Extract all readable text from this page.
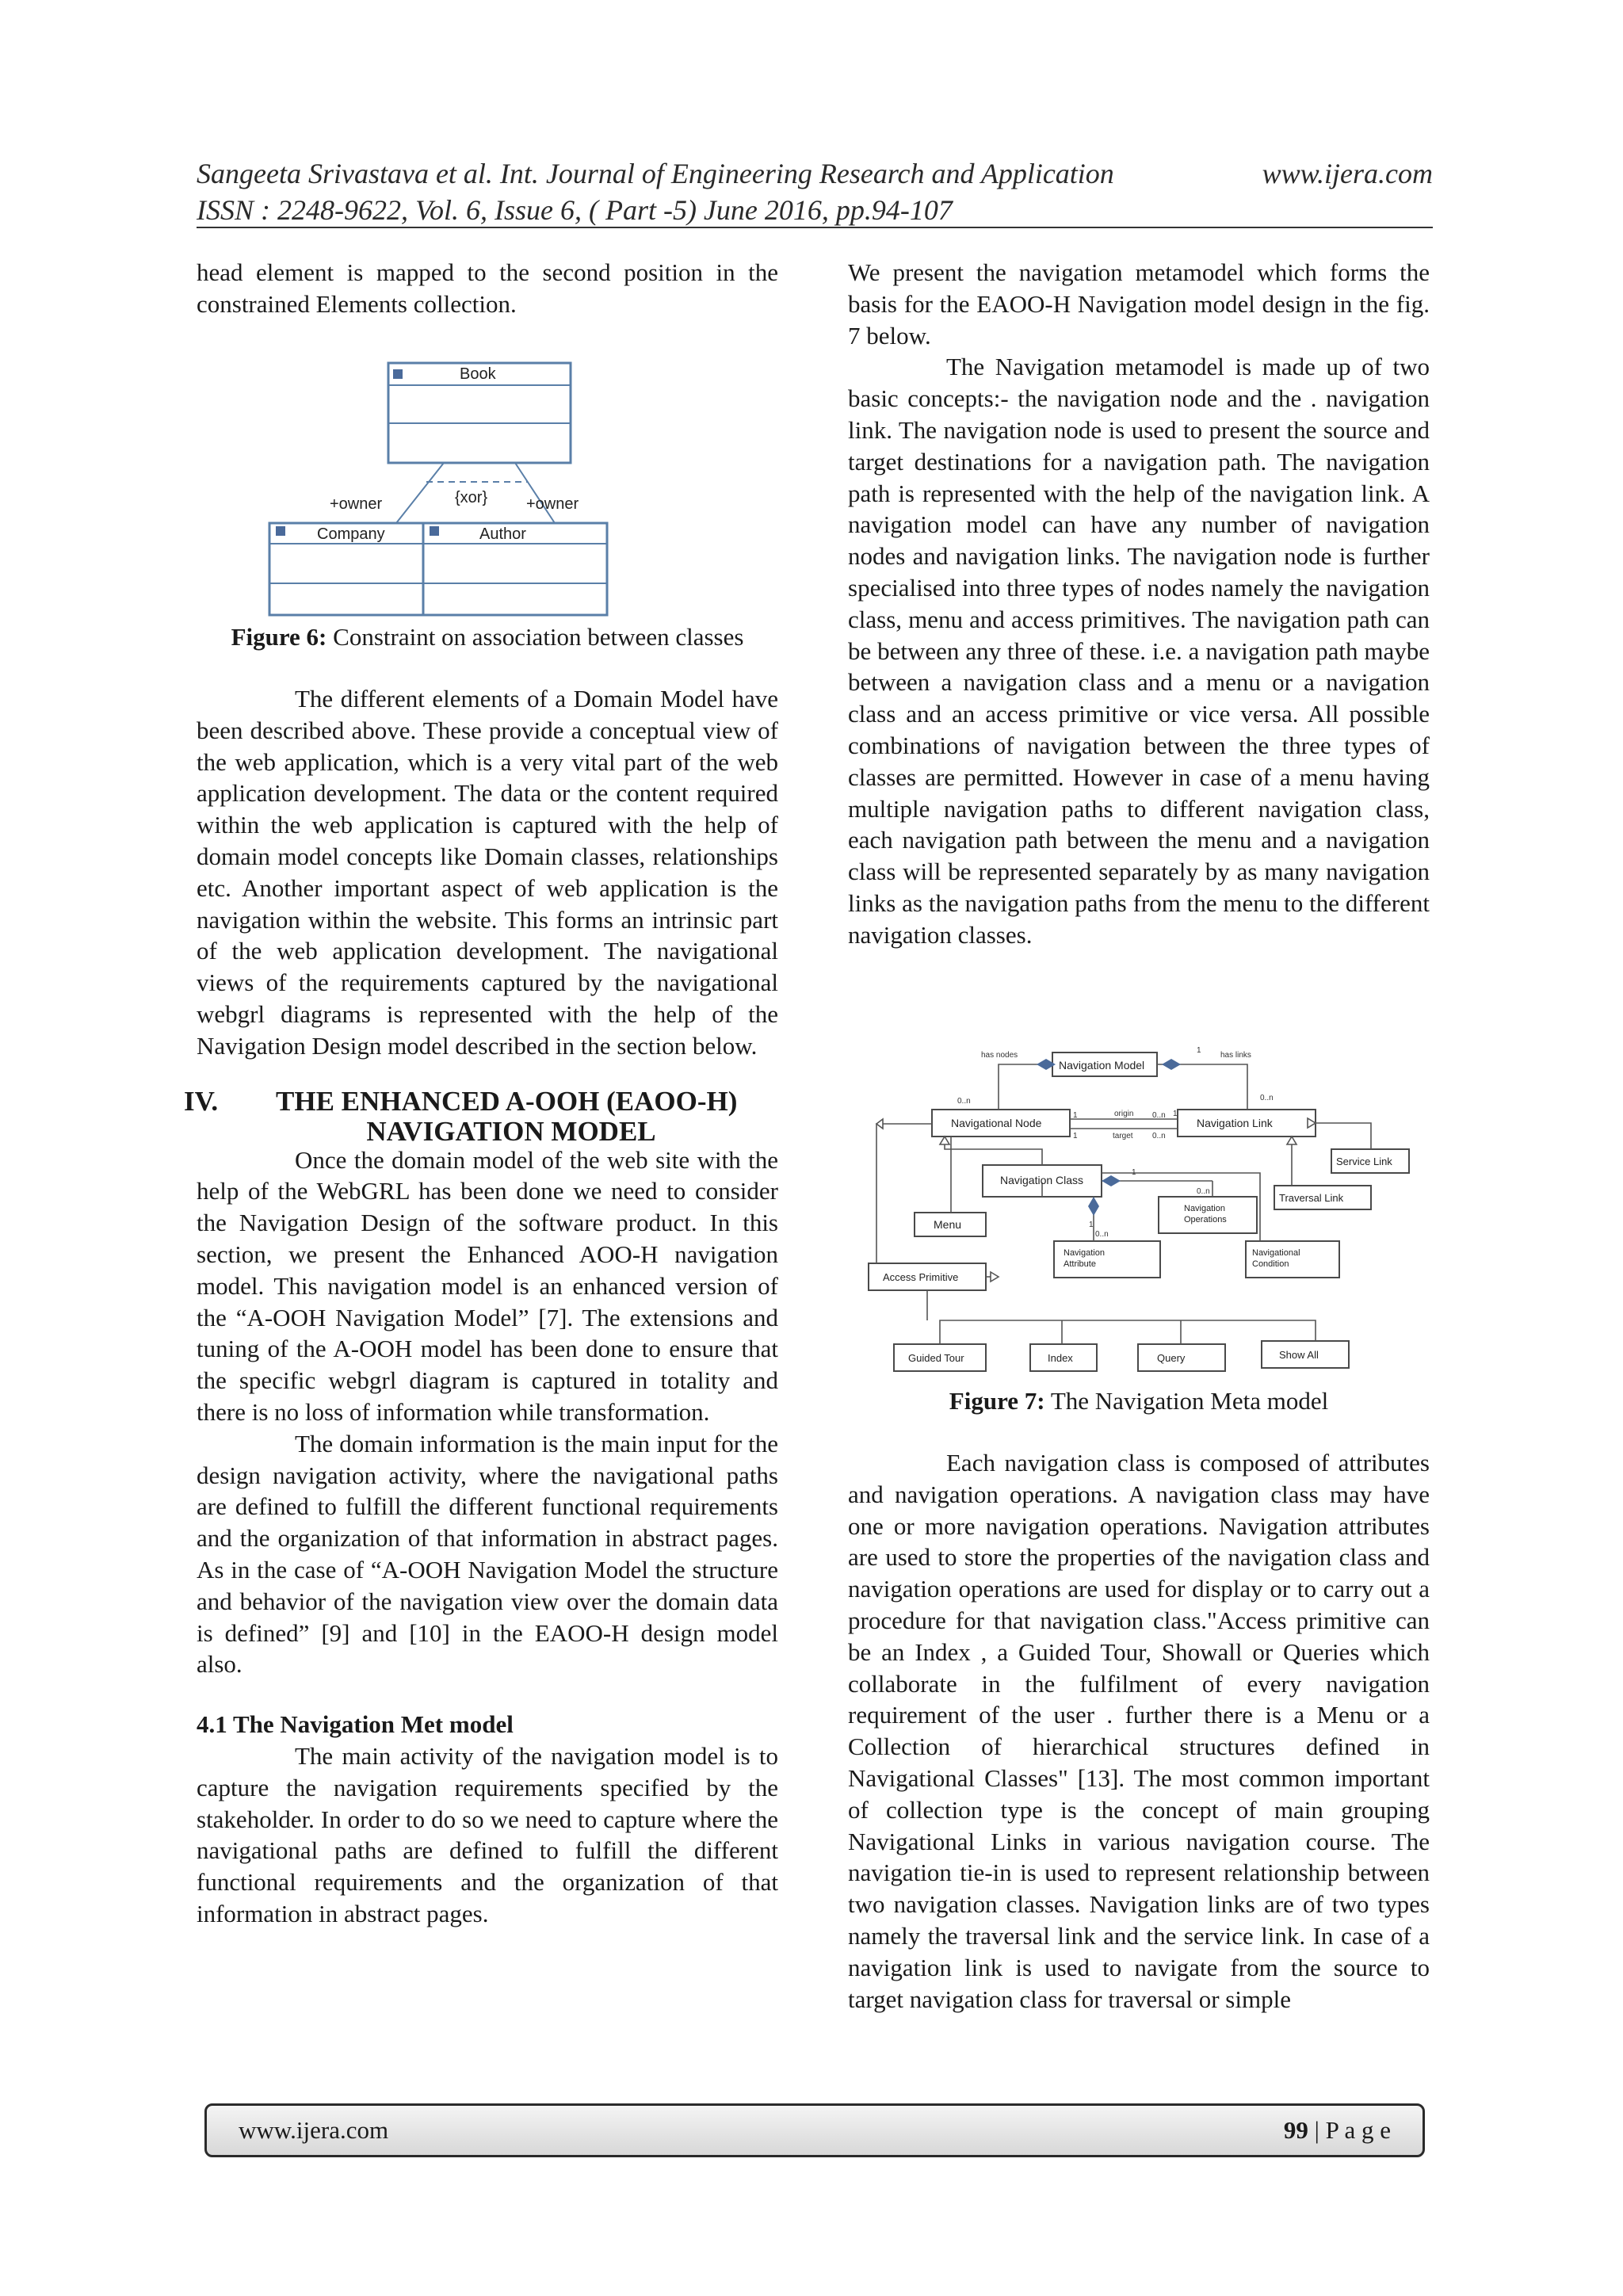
Sangeeta Srivastava et al. Int. Journal of Engineering Research and Application	www.ijera.com
ISSN : 2248-9622, Vol. 6, Issue 6, ( Part -5) June 2016, pp.94-107

head element is mapped to the second position in the constrained Elements collection.

Book
Company	Author
+owner	+owner
{xor}
Figure 6: Constraint on association between classes

The different elements of a Domain Model have been described above. These provide a conceptual view of the web application, which is a very vital part of the web application development. The data or the content required within the web application is captured with the help of domain model concepts like Domain classes, relationships etc. Another important aspect of web application is the navigation within the website. This forms an intrinsic part of the web application development. The navigational views of the requirements captured by the navigational webgrl diagrams is represented with the help of the Navigation Design model described in the section below.

IV. THE ENHANCED A-OOH (EAOO-H)
NAVIGATION MODEL

Once the domain model of the web site with the help of the WebGRL has been done we need to consider the Navigation Design of the software product. In this section, we present the Enhanced AOO-H navigation model. This navigation model is an enhanced version of the “A-OOH Navigation Model” [7]. The extensions and tuning of the A-OOH model has been done to ensure that the specific webgrl diagram is captured in totality and there is no loss of information while transformation.

The domain information is the main input for the design navigation activity, where the navigational paths are defined to fulfill the different functional requirements and the organization of that information in abstract pages. As in the case of “A-OOH Navigation Model the structure and behavior of the navigation view over the domain data is defined” [9] and [10] in the EAOO-H design model also.

4.1 The Navigation Met model

The main activity of the navigation model is to capture the navigation requirements specified by the stakeholder. In order to do so we need to capture where the navigational paths are defined to fulfill the different functional requirements and the organization of that information in abstract pages.

We present the navigation metamodel which forms the basis for the EAOO-H Navigation model design in the fig. 7 below.

The Navigation metamodel is made up of two basic concepts:- the navigation node and the . navigation link. The navigation node is used to present the source and target destinations for a navigation path. The navigation path is represented with the help of the navigation link. A navigation model can have any number of navigation nodes and navigation links. The navigation node is further specialised into three types of nodes namely the navigation class, menu and access primitives. The navigation path can be between any three of these. i.e. a navigation path maybe between a navigation class and a menu or a navigation class and an access primitive or vice versa. All possible combinations of navigation between the three types of classes are permitted. However in case of a menu having multiple navigation paths to different navigation class, each navigation path between the menu and a navigation class will be represented separately by as many navigation links as the navigation paths from the menu to the different navigation classes.

Navigation Model
has nodes	has links
1
0..n	0..n
Navigational Node	Navigation Link
origin
target
1
1
0..n
0..n
1
Service Link
Traversal Link
Navigation Class
Menu
Navigation
Operations
Navigation
Attribute
Navigational
Condition
Access Primitive
Guided Tour	Index	Query	Show All
1
0..n
1
0..n
Figure 7: The Navigation Meta model

Each navigation class is composed of attributes and navigation operations. A navigation class may have one or more navigation operations. Navigation attributes are used to store the properties of the navigation class and navigation operations are used for display or to carry out a procedure for that navigation class."Access primitive can be an Index , a Guided Tour, Showall or Queries which collaborate in the fulfilment of every navigation requirement of the user . further there is a Menu or a Collection of hierarchical structures defined in Navigational Classes" [13]. The most common important of collection type is the concept of main grouping Navigational Links in various navigation course. The navigation tie-in is used to represent relationship between two navigation classes. Navigation links are of two types namely the traversal link and the service link. In case of a navigation link is used to navigate from the source to target navigation class for traversal or simple

www.ijera.com	99 | P a g e
